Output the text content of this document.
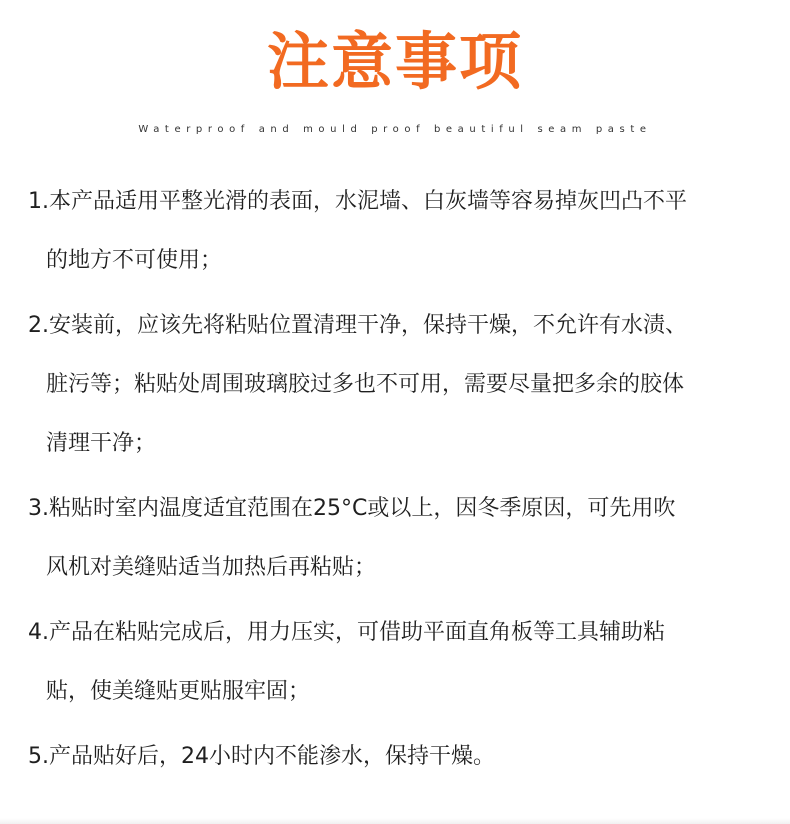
注意事项
Waterproof and mould proof beautiful seam paste
1.本产品适用平整光滑的表面，水泥墙、白灰墙等容易掉灰凹凸不平
的地方不可使用；
2.安装前，应该先将粘贴位置清理干净，保持干燥，不允许有水渍、
脏污等；粘贴处周围玻璃胶过多也不可用，需要尽量把多余的胶体
清理干净；
3.粘贴时室内温度适宜范围在25°C或以上，因冬季原因，可先用吹
风机对美缝贴适当加热后再粘贴；
4.产品在粘贴完成后，用力压实，可借助平面直角板等工具辅助粘
贴，使美缝贴更贴服牢固；
5.产品贴好后，24小时内不能渗水，保持干燥。
